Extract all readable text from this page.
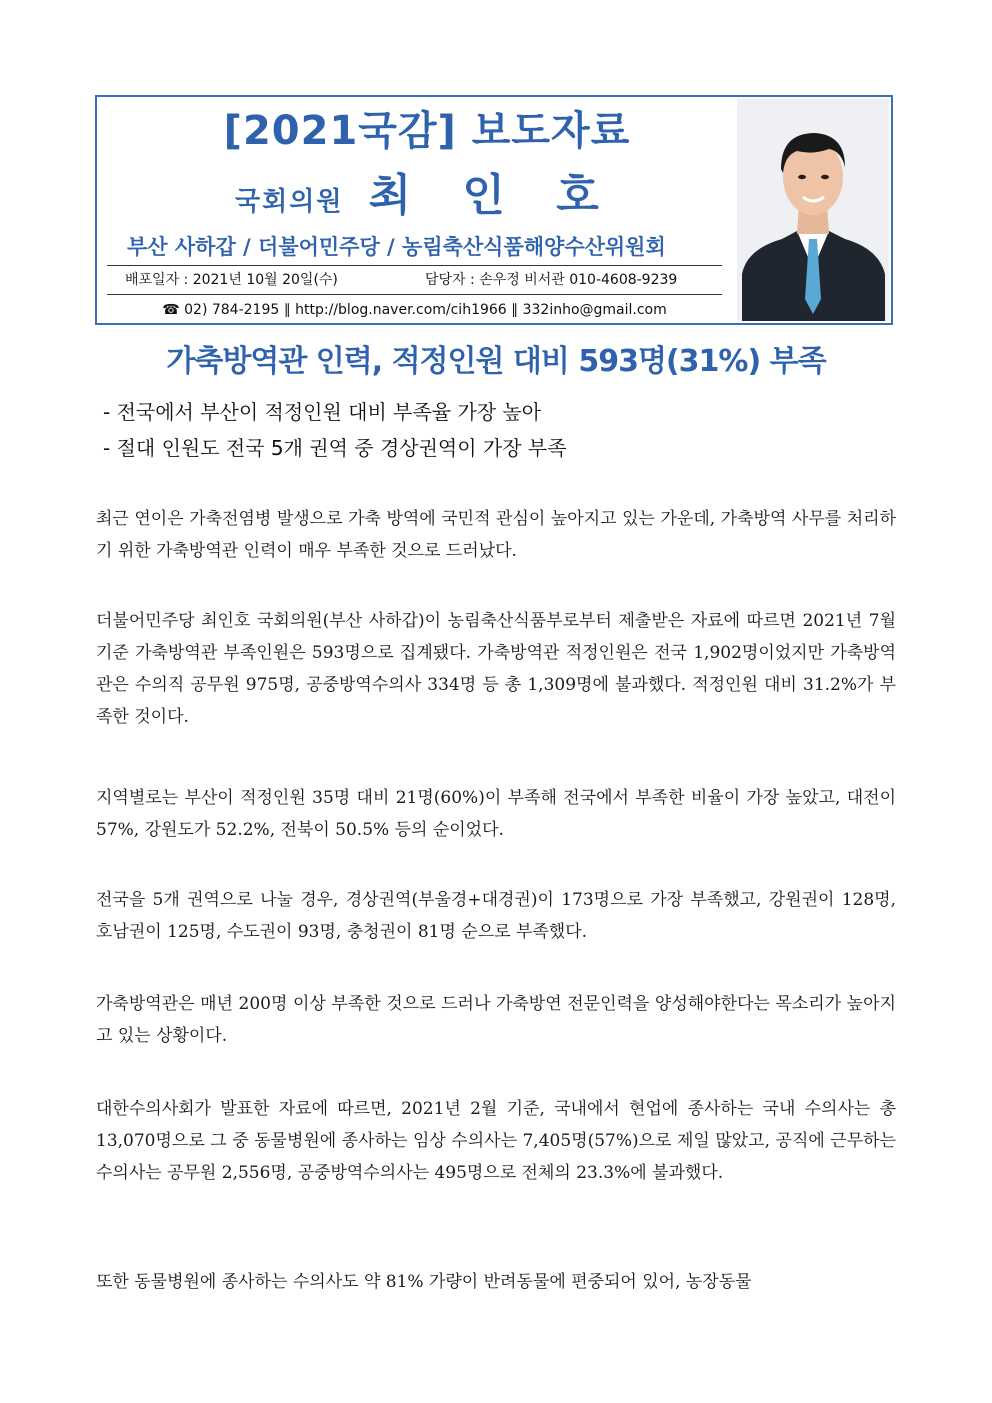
[2021국감] 보도자료
국회의원 최 인 호
부산 사하갑 / 더불어민주당 / 농림축산식품해양수산위원회
배포일자 : 2021년 10월 20일(수)	담당자 : 손우정 비서관 010-4608-9239
☎ 02) 784-2195 ∥ http://blog.naver.com/cih1966 ∥ 332inho@gmail.com
가축방역관 인력, 적정인원 대비 593명(31%) 부족
- 전국에서 부산이 적정인원 대비 부족율 가장 높아
- 절대 인원도 전국 5개 권역 중 경상권역이 가장 부족

최근 연이은 가축전염병 발생으로 가축 방역에 국민적 관심이 높아지고 있는 가운데, 가축방역 사무를 처리하기 위한 가축방역관 인력이 매우 부족한 것으로 드러났다.

더불어민주당 최인호 국회의원(부산 사하갑)이 농림축산식품부로부터 제출받은 자료에 따르면 2021년 7월 기준 가축방역관 부족인원은 593명으로 집계됐다. 가축방역관 적정인원은 전국 1,902명이었지만 가축방역관은 수의직 공무원 975명, 공중방역수의사 334명 등 총 1,309명에 불과했다. 적정인원 대비 31.2%가 부족한 것이다.

지역별로는 부산이 적정인원 35명 대비 21명(60%)이 부족해 전국에서 부족한 비율이 가장 높았고, 대전이 57%, 강원도가 52.2%, 전북이 50.5% 등의 순이었다.

전국을 5개 권역으로 나눌 경우, 경상권역(부울경+대경권)이 173명으로 가장 부족했고, 강원권이 128명, 호남권이 125명, 수도권이 93명, 충청권이 81명 순으로 부족했다.

가축방역관은 매년 200명 이상 부족한 것으로 드러나 가축방연 전문인력을 양성해야한다는 목소리가 높아지고 있는 상황이다.

대한수의사회가 발표한 자료에 따르면, 2021년 2월 기준, 국내에서 현업에 종사하는 국내 수의사는 총 13,070명으로 그 중 동물병원에 종사하는 임상 수의사는 7,405명(57%)으로 제일 많았고, 공직에 근무하는 수의사는 공무원 2,556명, 공중방역수의사는 495명으로 전체의 23.3%에 불과했다.

또한 동물병원에 종사하는 수의사도 약 81% 가량이 반려동물에 편중되어 있어, 농장동물
